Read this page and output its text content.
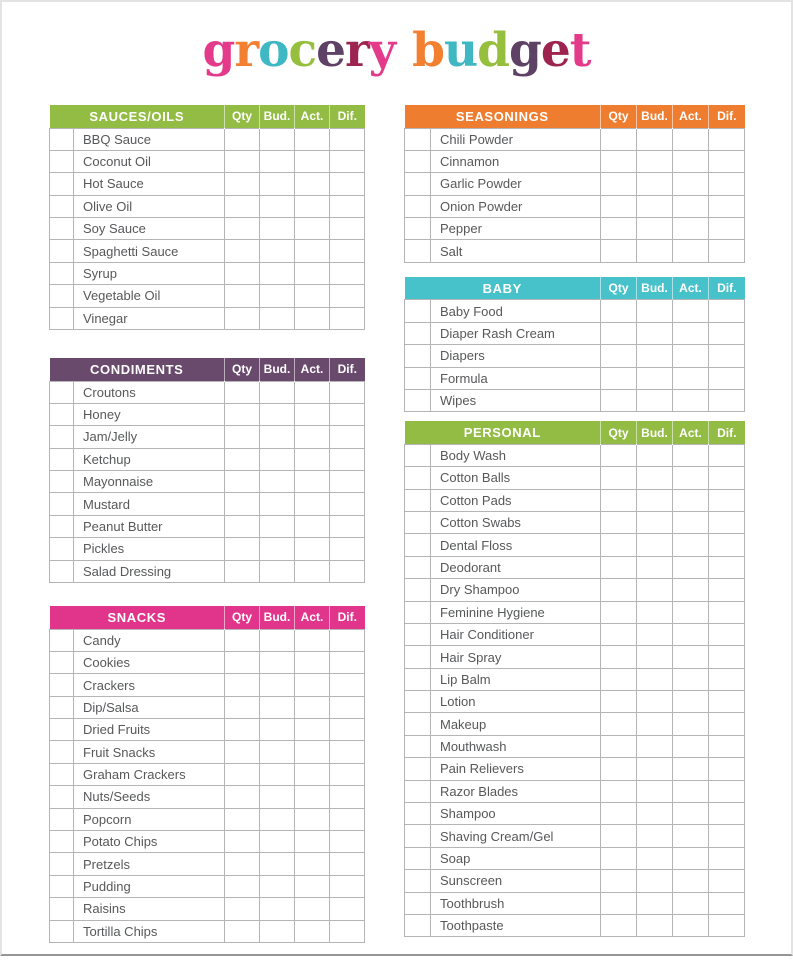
grocery budget
SAUCES/OILS		Qty	Bud.	Act.	Dif.
	BBQ Sauce				
	Coconut Oil				
	Hot Sauce				
	Olive Oil				
	Soy Sauce				
	Spaghetti Sauce				
	Syrup				
	Vegetable Oil				
	Vinegar				
CONDIMENTS		Qty	Bud.	Act.	Dif.
	Croutons				
	Honey				
	Jam/Jelly				
	Ketchup				
	Mayonnaise				
	Mustard				
	Peanut Butter				
	Pickles				
	Salad Dressing				
SNACKS		Qty	Bud.	Act.	Dif.
	Candy				
	Cookies				
	Crackers				
	Dip/Salsa				
	Dried Fruits				
	Fruit Snacks				
	Graham Crackers				
	Nuts/Seeds				
	Popcorn				
	Potato Chips				
	Pretzels				
	Pudding				
	Raisins				
	Tortilla Chips				
SEASONINGS		Qty	Bud.	Act.	Dif.
	Chili Powder				
	Cinnamon				
	Garlic Powder				
	Onion Powder				
	Pepper				
	Salt				
BABY		Qty	Bud.	Act.	Dif.
	Baby Food				
	Diaper Rash Cream				
	Diapers				
	Formula				
	Wipes				
PERSONAL		Qty	Bud.	Act.	Dif.
	Body Wash				
	Cotton Balls				
	Cotton Pads				
	Cotton Swabs				
	Dental Floss				
	Deodorant				
	Dry Shampoo				
	Feminine Hygiene				
	Hair Conditioner				
	Hair Spray				
	Lip Balm				
	Lotion				
	Makeup				
	Mouthwash				
	Pain Relievers				
	Razor Blades				
	Shampoo				
	Shaving Cream/Gel				
	Soap				
	Sunscreen				
	Toothbrush				
	Toothpaste				
